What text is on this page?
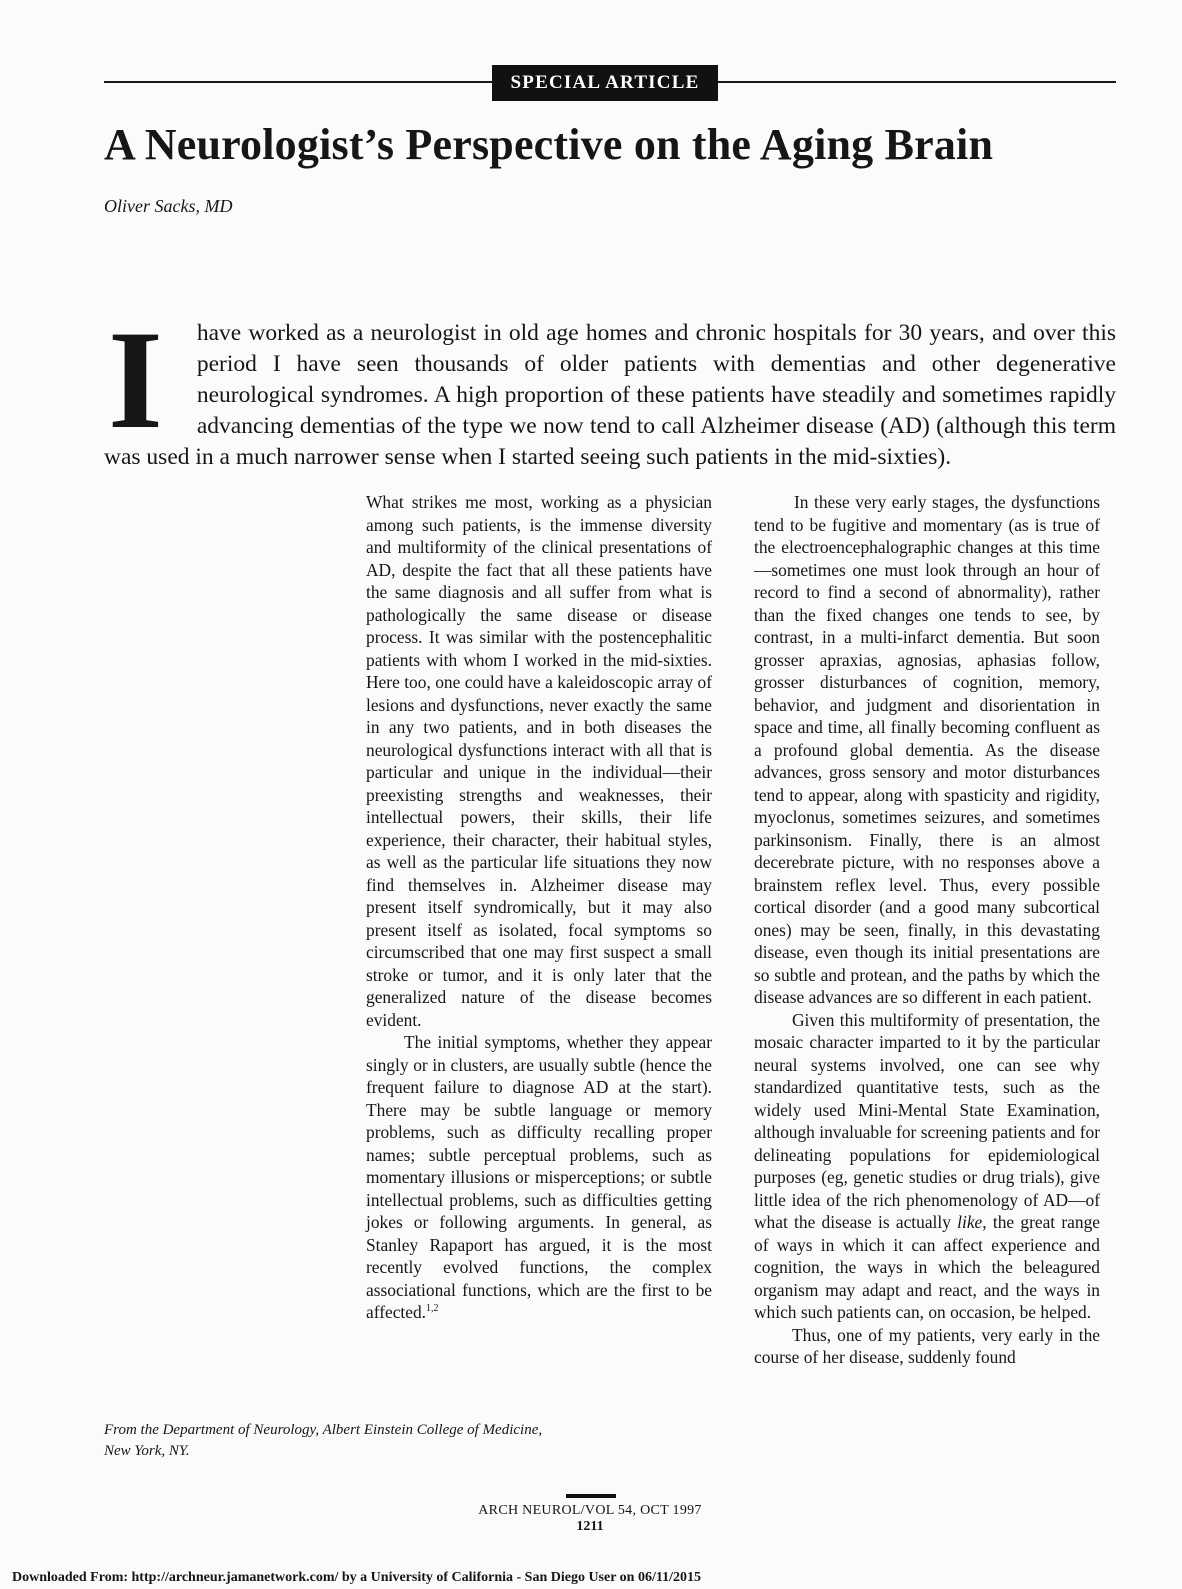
SPECIAL ARTICLE
A Neurologist’s Perspective on the Aging Brain
Oliver Sacks, MD

I have worked as a neurologist in old age homes and chronic hospitals for 30 years, and over this period I have seen thousands of older patients with dementias and other degenerative neurological syndromes. A high proportion of these patients have steadily and sometimes rapidly advancing dementias of the type we now tend to call Alzheimer disease (AD) (although this term was used in a much narrower sense when I started seeing such patients in the mid-sixties).

What strikes me most, working as a physician among such patients, is the immense diversity and multiformity of the clinical presentations of AD, despite the fact that all these patients have the same diagnosis and all suffer from what is pathologically the same disease or disease process. It was similar with the postencephalitic patients with whom I worked in the mid-sixties. Here too, one could have a kaleidoscopic array of lesions and dysfunctions, never exactly the same in any two patients, and in both diseases the neurological dysfunctions interact with all that is particular and unique in the individual—their preexisting strengths and weaknesses, their intellectual powers, their skills, their life experience, their character, their habitual styles, as well as the particular life situations they now find themselves in. Alzheimer disease may present itself syndromically, but it may also present itself as isolated, focal symptoms so circumscribed that one may first suspect a small stroke or tumor, and it is only later that the generalized nature of the disease becomes evident.

The initial symptoms, whether they appear singly or in clusters, are usually subtle (hence the frequent failure to diagnose AD at the start). There may be subtle language or memory problems, such as difficulty recalling proper names; subtle perceptual problems, such as momentary illusions or misperceptions; or subtle intellectual problems, such as difficulties getting jokes or following arguments. In general, as Stanley Rapaport has argued, it is the most recently evolved functions, the complex associational functions, which are the first to be affected.$^{1,2}$

In these very early stages, the dysfunctions tend to be fugitive and momentary (as is true of the electroencephalographic changes at this time—sometimes one must look through an hour of record to find a second of abnormality), rather than the fixed changes one tends to see, by contrast, in a multi-infarct dementia. But soon grosser apraxias, agnosias, aphasias follow, grosser disturbances of cognition, memory, behavior, and judgment and disorientation in space and time, all finally becoming confluent as a profound global dementia. As the disease advances, gross sensory and motor disturbances tend to appear, along with spasticity and rigidity, myoclonus, sometimes seizures, and sometimes parkinsonism. Finally, there is an almost decerebrate picture, with no responses above a brainstem reflex level. Thus, every possible cortical disorder (and a good many subcortical ones) may be seen, finally, in this devastating disease, even though its initial presentations are so subtle and protean, and the paths by which the disease advances are so different in each patient.

Given this multiformity of presentation, the mosaic character imparted to it by the particular neural systems involved, one can see why standardized quantitative tests, such as the widely used Mini-Mental State Examination, although invaluable for screening patients and for delineating populations for epidemiological purposes (eg, genetic studies or drug trials), give little idea of the rich phenomenology of AD—of what the disease is actually like, the great range of ways in which it can affect experience and cognition, the ways in which the beleagured organism may adapt and react, and the ways in which such patients can, on occasion, be helped.

Thus, one of my patients, very early in the course of her disease, suddenly found

From the Department of Neurology, Albert Einstein College of Medicine,
New York, NY.
ARCH NEUROL/VOL 54, OCT 1997
1211
Downloaded From: http://archneur.jamanetwork.com/ by a University of California - San Diego User on 06/11/2015
